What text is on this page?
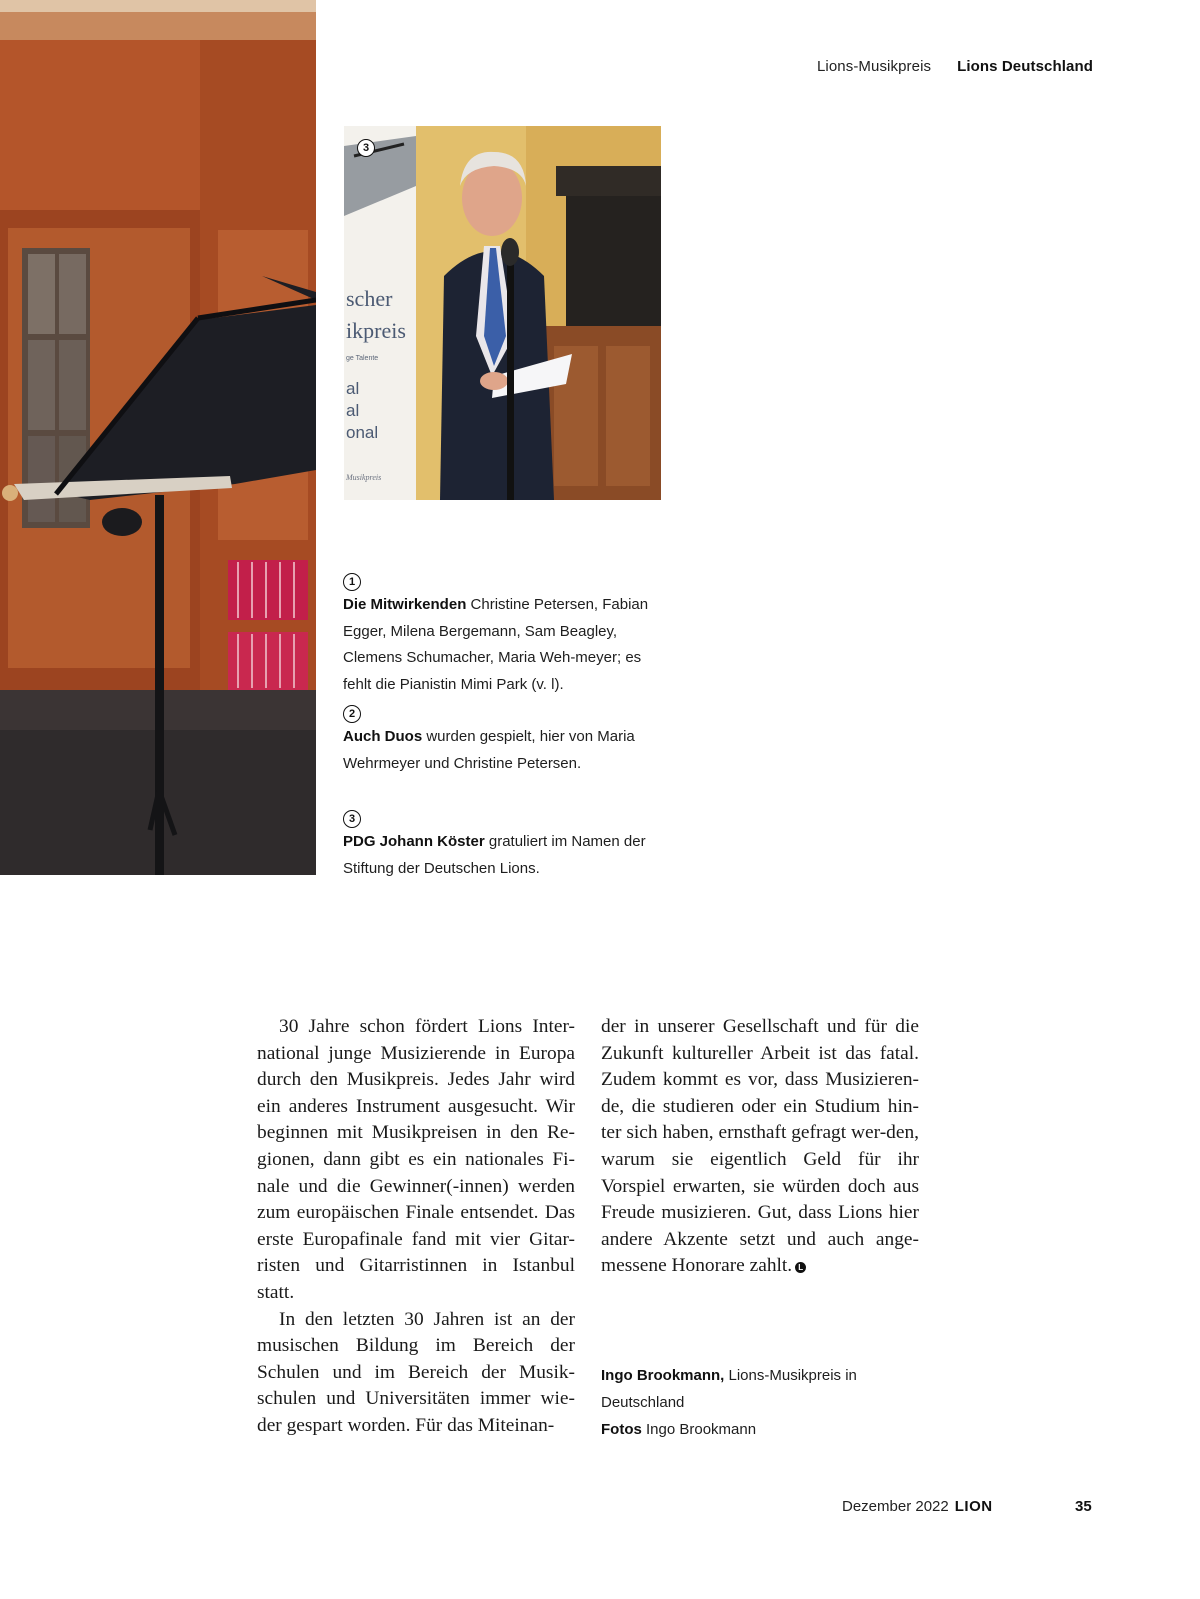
Lions-Musikpreis Lions Deutschland
scher
ikpreis
ge Talente
al
al
onal
Musikpreis
3
1

Die Mitwirkenden Christine Petersen, Fabian Egger, Milena Bergemann, Sam Beagley, Clemens Schumacher, Maria Weh-meyer; es fehlt die Pianistin Mimi Park (v. l).

2

Auch Duos wurden gespielt, hier von Maria Wehrmeyer und Christine Petersen.

3

PDG Johann Köster gratuliert im Namen der Stiftung der Deutschen Lions.

30 Jahre schon fördert Lions Inter-national junge Musizierende in Europa durch den Musikpreis. Jedes Jahr wird ein anderes Instrument ausgesucht. Wir beginnen mit Musikpreisen in den Re-gionen, dann gibt es ein nationales Fi-nale und die Gewinner(-innen) werden zum europäischen Finale entsendet. Das erste Europafinale fand mit vier Gitar-risten und Gitarristinnen in Istanbul statt.

In den letzten 30 Jahren ist an der musischen Bildung im Bereich der Schulen und im Bereich der Musik-schulen und Universitäten immer wie-der gespart worden. Für das Miteinan-

der in unserer Gesellschaft und für die Zukunft kultureller Arbeit ist das fatal. Zudem kommt es vor, dass Musizieren-de, die studieren oder ein Studium hin-ter sich haben, ernsthaft gefragt wer-den, warum sie eigentlich Geld für ihr Vorspiel erwarten, sie würden doch aus Freude musizieren. Gut, dass Lions hier andere Akzente setzt und auch ange-messene Honorare zahlt. L

Ingo Brookmann, Lions-Musikpreis in Deutschland

Fotos Ingo Brookmann

Dezember 2022 LION	35
